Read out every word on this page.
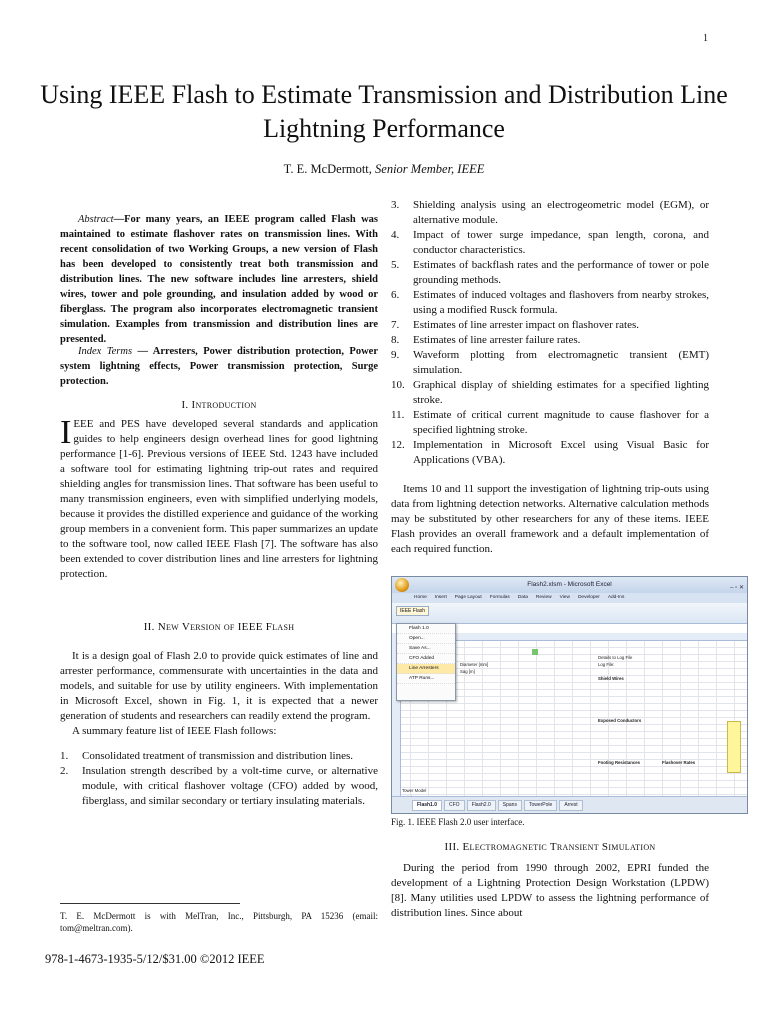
1
Using IEEE Flash to Estimate Transmission and Distribution Line Lightning Performance
T. E. McDermott, Senior Member, IEEE
Abstract—For many years, an IEEE program called Flash was maintained to estimate flashover rates on transmission lines. With recent consolidation of two Working Groups, a new version of Flash has been developed to consistently treat both transmission and distribution lines. The new software includes line arresters, shield wires, tower and pole grounding, and insulation added by wood or fiberglass. The program also incorporates electromagnetic transient simulation. Examples from transmission and distribution lines are presented.
Index Terms — Arresters, Power distribution protection, Power system lightning effects, Power transmission protection, Surge protection.
I. Introduction

IEEE and PES have developed several standards and application guides to help engineers design overhead lines for good lightning performance [1-6]. Previous versions of IEEE Std. 1243 have included a software tool for estimating lightning trip-out rates and required shielding angles for transmission lines. That software has been useful to many transmission engineers, even with simplified underlying models, because it provides the distilled experience and guidance of the working group members in a convenient form. This paper summarizes an update to the software tool, now called IEEE Flash [7]. The software has also been extended to cover distribution lines and line arresters for lightning protection.

II. New Version of IEEE Flash

It is a design goal of Flash 2.0 to provide quick estimates of line and arrester performance, commensurate with uncertainties in the data and models, and suitable for use by utility engineers. With implementation in Microsoft Excel, shown in Fig. 1, it is expected that a newer generation of students and researchers can readily extend the program.

A summary feature list of IEEE Flash follows:

1. Consolidated treatment of transmission and distribution lines.
2. Insulation strength described by a volt-time curve, or alternative module, with critical flashover voltage (CFO) added by wood, fiberglass, and similar secondary or tertiary insulating materials.
T. E. McDermott is with MelTran, Inc., Pittsburgh, PA 15236 (email: tom@meltran.com).
978-1-4673-1935-5/12/$31.00 ©2012 IEEE
3. Shielding analysis using an electrogeometric model (EGM), or alternative module.
4. Impact of tower surge impedance, span length, corona, and conductor characteristics.
5. Estimates of backflash rates and the performance of tower or pole grounding methods.
6. Estimates of induced voltages and flashovers from nearby strokes, using a modified Rusck formula.
7. Estimates of line arrester impact on flashover rates.
8. Estimates of line arrester failure rates.
9. Waveform plotting from electromagnetic transient (EMT) simulation.
10. Graphical display of shielding estimates for a specified lighting stroke.
11. Estimate of critical current magnitude to cause flashover for a specified lightning stroke.
12. Implementation in Microsoft Excel using Visual Basic for Applications (VBA).

Items 10 and 11 support the investigation of lightning trip-outs using data from lightning detection networks. Alternative calculation methods may be substituted by other researchers for any of these items. IEEE Flash provides an overall framework and a default implementation of each required function.

Flash2.xlsm - Microsoft Excel	– ▫ ✕
Home Insert Page Layout Formulas Data Review View Developer Add-Ins
IEEE Flash
Diameter [mm]
Sag [m]
Details to Log File
Log File:
Shield Wires
Exposed Conductors
Footing Resistances	Flashover Rates
Tower Model
Flash 1.0
Open...
Save As...
CFO Added
Line Arresters
ATP Runs...
Flash1.0 CFO Flash2.0 Spans TowerPole Arrest
Fig. 1. IEEE Flash 2.0 user interface.
III. Electromagnetic Transient Simulation

During the period from 1990 through 2002, EPRI funded the development of a Lightning Protection Design Workstation (LPDW) [8]. Many utilities used LPDW to assess the lightning performance of distribution lines. Since about
